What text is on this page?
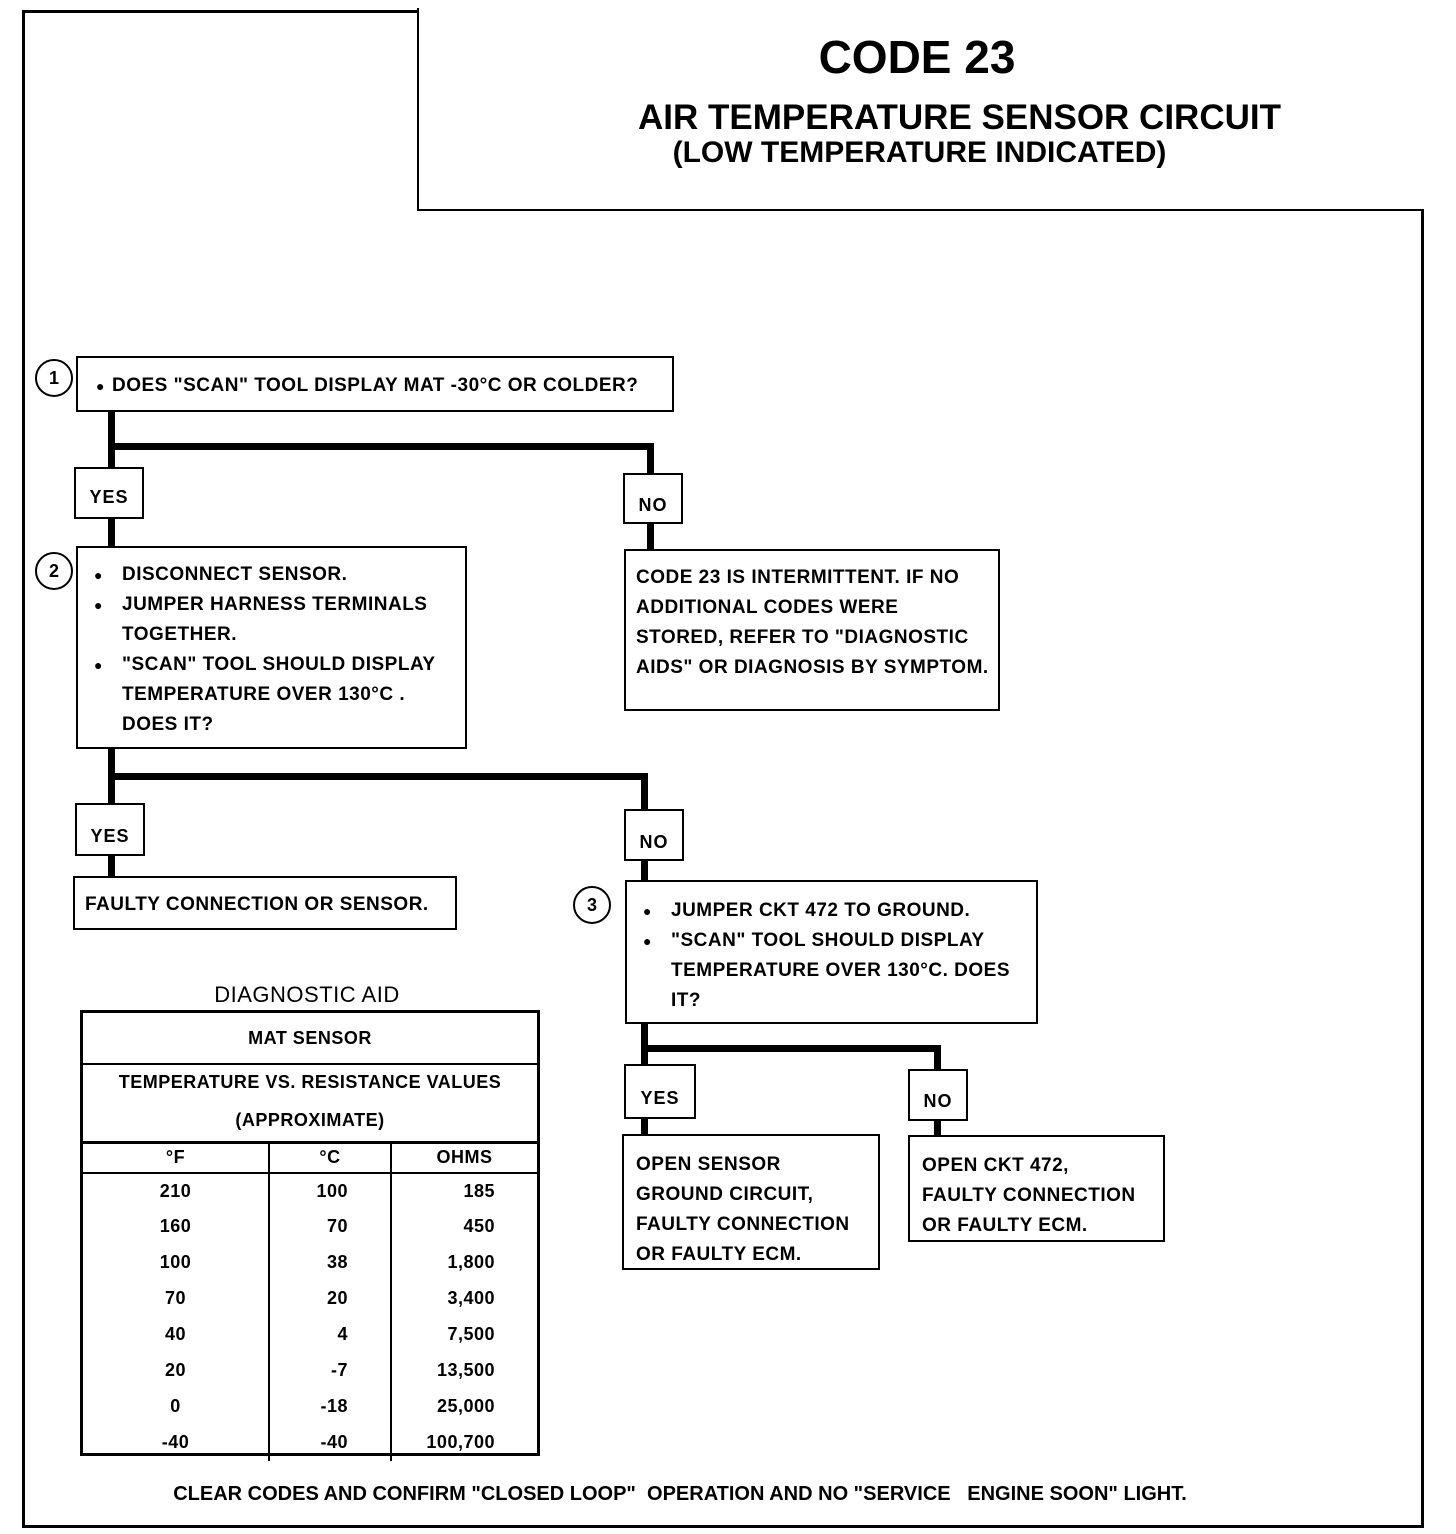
CODE 23
AIR TEMPERATURE SENSOR CIRCUIT
(LOW TEMPERATURE INDICATED)
1	● DOES "SCAN" TOOL DISPLAY MAT -30°C OR COLDER?
YES	NO

CODE 23 IS INTERMITTENT. IF NO

ADDITIONAL CODES WERE

STORED, REFER TO "DIAGNOSTIC

AIDS" OR DIAGNOSIS BY SYMPTOM.

2	● DISCONNECT SENSOR.
● JUMPER HARNESS TERMINALS TOGETHER.
● "SCAN" TOOL SHOULD DISPLAY TEMPERATURE OVER 130°C . DOES IT?
YES	NO

FAULTY CONNECTION OR SENSOR.	3	● JUMPER CKT 472 TO GROUND.
● "SCAN" TOOL SHOULD DISPLAY TEMPERATURE OVER 130°C. DOES IT?
YES	NO

OPEN SENSOR

GROUND CIRCUIT,

FAULTY CONNECTION

OR FAULTY ECM.

OPEN CKT 472,

FAULTY CONNECTION

OR FAULTY ECM.

DIAGNOSTIC AID
MAT SENSOR		
TEMPERATURE VS. RESISTANCE VALUES		
(APPROXIMATE)		
°F	°C	OHMS
210	100	185
160	70	450
100	38	1,800
70	20	3,400
40	4	7,500
20	-7	13,500
0	-18	25,000
-40	-40	100,700
CLEAR CODES AND CONFIRM "CLOSED LOOP"  OPERATION AND NO "SERVICE   ENGINE SOON" LIGHT.
